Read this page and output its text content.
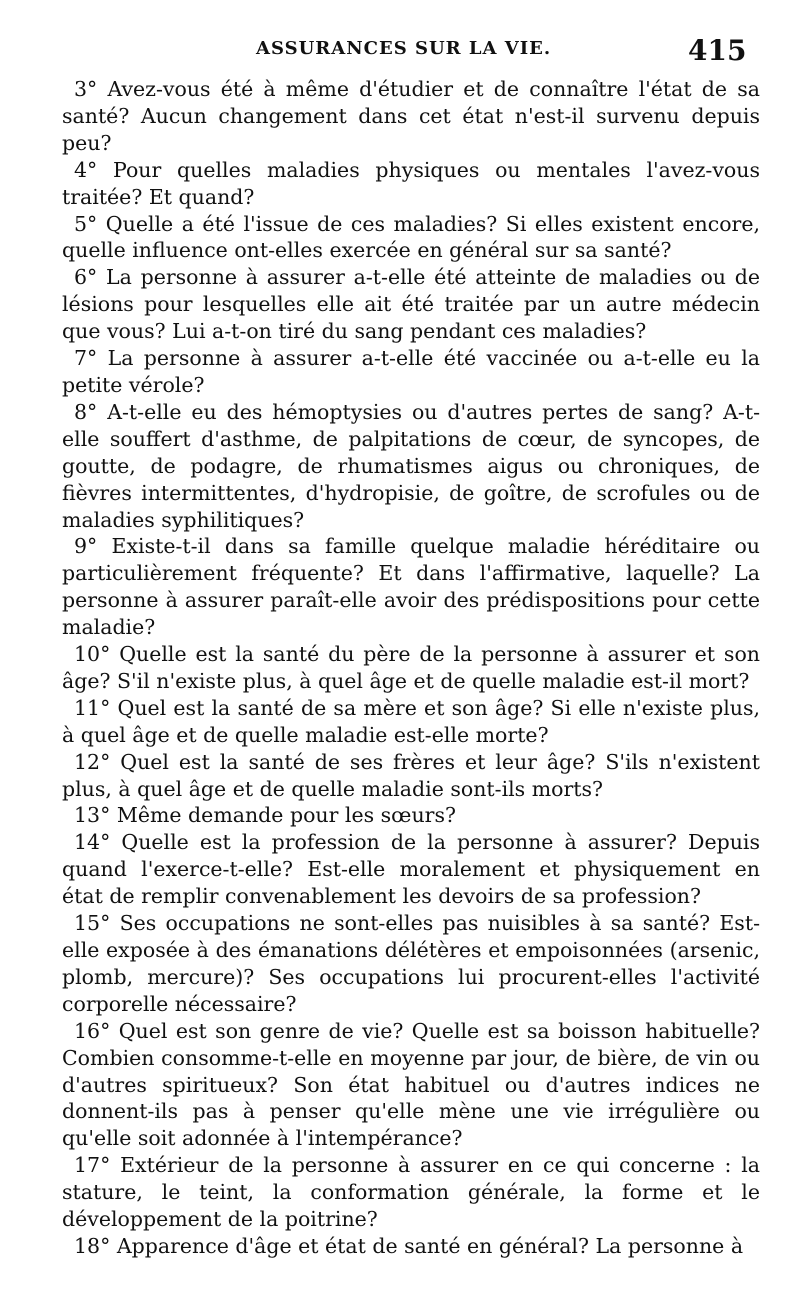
ASSURANCES SUR LA VIE.	415

3° Avez-vous été à même d'étudier et de connaître l'état de sa santé? Aucun changement dans cet état n'est-il survenu depuis peu?

4° Pour quelles maladies physiques ou mentales l'avez-vous traitée? Et quand?

5° Quelle a été l'issue de ces maladies? Si elles existent encore, quelle influence ont-elles exercée en général sur sa santé?

6° La personne à assurer a-t-elle été atteinte de maladies ou de lésions pour lesquelles elle ait été traitée par un autre médecin que vous? Lui a-t-on tiré du sang pendant ces maladies?

7° La personne à assurer a-t-elle été vaccinée ou a-t-elle eu la petite vérole?

8° A-t-elle eu des hémoptysies ou d'autres pertes de sang? A-t-elle souffert d'asthme, de palpitations de cœur, de syncopes, de goutte, de podagre, de rhumatismes aigus ou chroniques, de fièvres intermittentes, d'hydropisie, de goître, de scrofules ou de maladies syphilitiques?

9° Existe-t-il dans sa famille quelque maladie héréditaire ou particulièrement fréquente? Et dans l'affirmative, laquelle? La personne à assurer paraît-elle avoir des prédispositions pour cette maladie?

10° Quelle est la santé du père de la personne à assurer et son âge? S'il n'existe plus, à quel âge et de quelle maladie est-il mort?

11° Quel est la santé de sa mère et son âge? Si elle n'existe plus, à quel âge et de quelle maladie est-elle morte?

12° Quel est la santé de ses frères et leur âge? S'ils n'existent plus, à quel âge et de quelle maladie sont-ils morts?

13° Même demande pour les sœurs?

14° Quelle est la profession de la personne à assurer? Depuis quand l'exerce-t-elle? Est-elle moralement et physiquement en état de remplir convenablement les devoirs de sa profession?

15° Ses occupations ne sont-elles pas nuisibles à sa santé? Est-elle exposée à des émanations délétères et empoisonnées (arsenic, plomb, mercure)? Ses occupations lui procurent-elles l'activité corporelle nécessaire?

16° Quel est son genre de vie? Quelle est sa boisson habituelle? Combien consomme-t-elle en moyenne par jour, de bière, de vin ou d'autres spiritueux? Son état habituel ou d'autres indices ne donnent-ils pas à penser qu'elle mène une vie irrégulière ou qu'elle soit adonnée à l'intempérance?

17° Extérieur de la personne à assurer en ce qui concerne : la stature, le teint, la conformation générale, la forme et le développement de la poitrine?

18° Apparence d'âge et état de santé en général? La personne à
